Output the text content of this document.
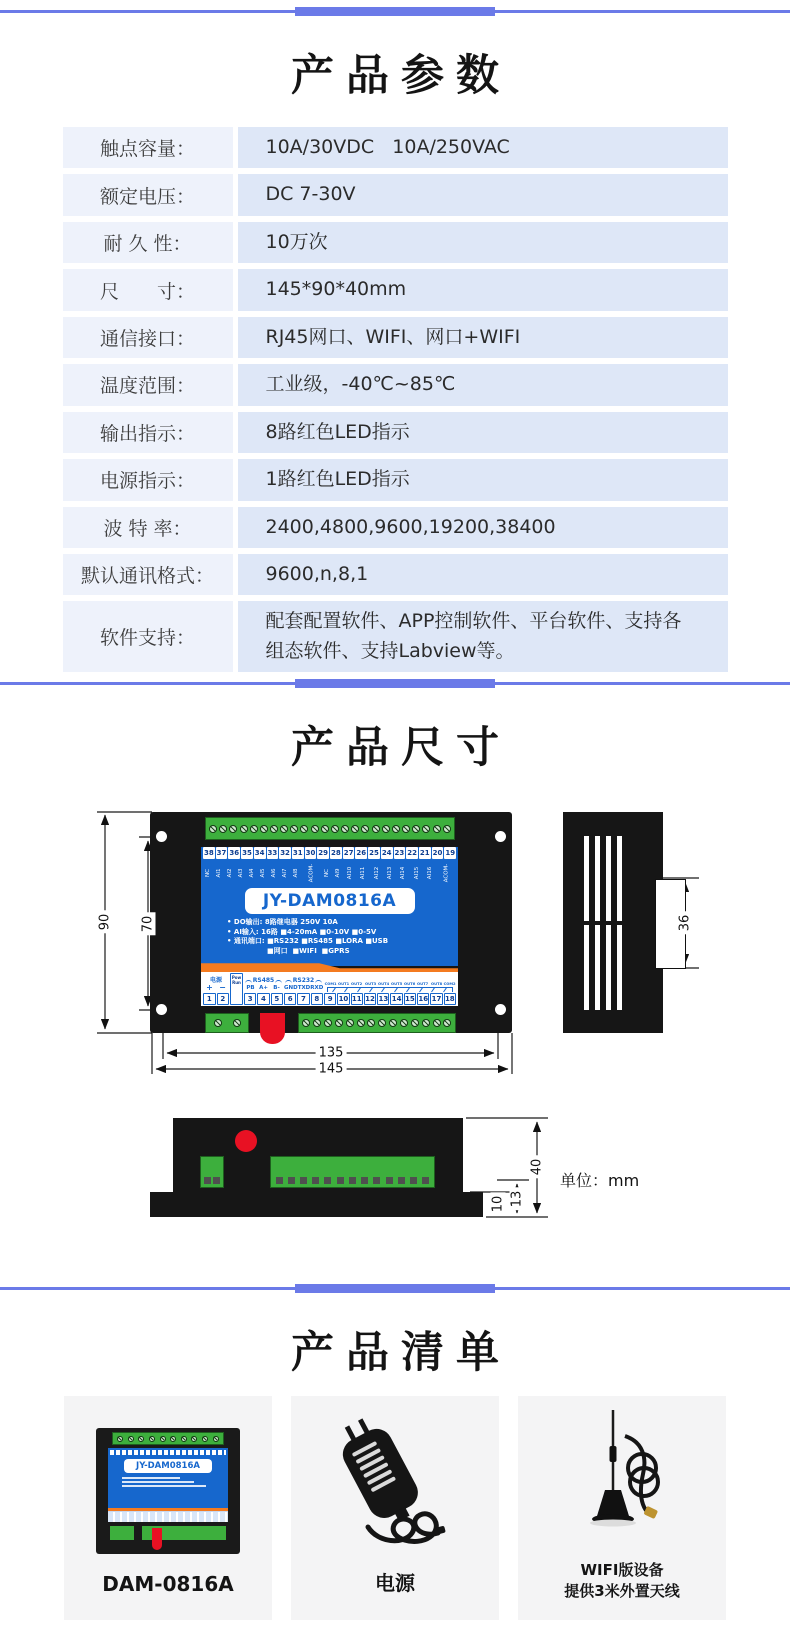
产品参数
触点容量：	10A/30VDC   10A/250VAC
额定电压：	DC 7-30V
耐 久 性：	10万次
尺　　寸：	145*90*40mm
通信接口：	RJ45网口、WIFI、网口+WIFI
温度范围：	工业级，-40℃~85℃
输出指示：	8路红色LED指示
电源指示：	1路红色LED指示
波 特 率：	2400,4800,9600,19200,38400
默认通讯格式：	9600,n,8,1
软件支持：
配套配置软件、APP控制软件、平台软件、支持各组态软件、支持Labview等。
产品尺寸
38 37 36 35 34 33 32 31 30 29 28 27 26 25 24 23 22 21 20 19
NC AI1 AI2 AI3 AI4 AI5 AI6 AI7 AI8	ACOM-	NC AI9	AI10	AI11	AI12	AI13	AI14	AI15	AI16	ACOM-
JY-DAM0816A
• DO输出: 8路继电器 250V 10A
• AI输入: 16路 ■4-20mA ■0-10V ■0-5V
• 通讯端口: ■RS232 ■RS485 ■LORA ■USB
■网口  ■WIFI  ■GPRS
电源
+ −
1	2
Pow
Run RS485
PB A+ B-
3	4	5
RS232
GND TXD RXD
6	7	8
COM1 OUT1 OUT2 OUT3 OUT4 OUT5 OUT6 OUT7 OUT8 COM2
9 10 11 12 13 14 15 16 17 18
90 70
135
145
36
40
13
10
单位：mm
产品清单
JY-DAM0816A
DAM-0816A	电源
WIFI版设备
提供3米外置天线
